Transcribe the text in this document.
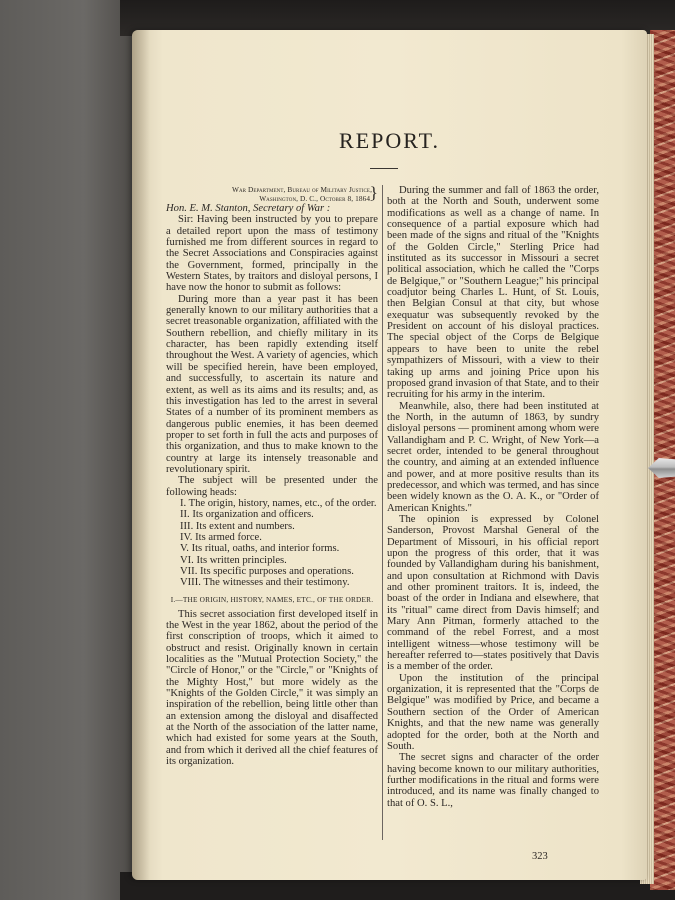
REPORT.
War Department, Bureau of Military Justice,
Washington, D. C., October 8, 1864.
}

Hon. E. M. Stanton, Secretary of War :

Sir: Having been instructed by you to prepare a detailed report upon the mass of testimony furnished me from different sources in regard to the Secret Associations and Conspiracies against the Government, formed, principally in the Western States, by traitors and disloyal persons, I have now the honor to submit as follows:

During more than a year past it has been generally known to our military authorities that a secret treasonable organization, affiliated with the Southern rebellion, and chiefly military in its character, has been rapidly extending itself throughout the West. A variety of agencies, which will be specified herein, have been employed, and successfully, to ascertain its nature and extent, as well as its aims and its results; and, as this investigation has led to the arrest in several States of a number of its prominent members as dangerous public enemies, it has been deemed proper to set forth in full the acts and purposes of this organization, and thus to make known to the country at large its intensely treasonable and revolutionary spirit.

The subject will be presented under the following heads:

I. The origin, history, names, etc., of the order.
II. Its organization and officers.
III. Its extent and numbers.
IV. Its armed force.
V. Its ritual, oaths, and interior forms.
VI. Its written principles.
VII. Its specific purposes and operations.
VIII. The witnesses and their testimony.
I.—THE ORIGIN, HISTORY, NAMES, ETC., OF THE ORDER.

This secret association first developed itself in the West in the year 1862, about the period of the first conscription of troops, which it aimed to obstruct and resist. Originally known in certain localities as the "Mutual Protection Society," the "Circle of Honor," or the "Circle," or "Knights of the Mighty Host," but more widely as the "Knights of the Golden Circle," it was simply an inspiration of the rebellion, being little other than an extension among the disloyal and disaffected at the North of the association of the latter name, which had existed for some years at the South, and from which it derived all the chief features of its organization.

During the summer and fall of 1863 the order, both at the North and South, underwent some modifications as well as a change of name. In consequence of a partial exposure which had been made of the signs and ritual of the "Knights of the Golden Circle," Sterling Price had instituted as its successor in Missouri a secret political association, which he called the "Corps de Belgique," or "Southern League;" his principal coadjutor being Charles L. Hunt, of St. Louis, then Belgian Consul at that city, but whose exequatur was subsequently revoked by the President on account of his disloyal practices. The special object of the Corps de Belgique appears to have been to unite the rebel sympathizers of Missouri, with a view to their taking up arms and joining Price upon his proposed grand invasion of that State, and to their recruiting for his army in the interim.

Meanwhile, also, there had been instituted at the North, in the autumn of 1863, by sundry disloyal persons — prominent among whom were Vallandigham and P. C. Wright, of New York—a secret order, intended to be general throughout the country, and aiming at an extended influence and power, and at more positive results than its predecessor, and which was termed, and has since been widely known as the O. A. K., or "Order of American Knights."

The opinion is expressed by Colonel Sanderson, Provost Marshal General of the Department of Missouri, in his official report upon the progress of this order, that it was founded by Vallandigham during his banishment, and upon consultation at Richmond with Davis and other prominent traitors. It is, indeed, the boast of the order in Indiana and elsewhere, that its "ritual" came direct from Davis himself; and Mary Ann Pitman, formerly attached to the command of the rebel Forrest, and a most intelligent witness—whose testimony will be hereafter referred to—states positively that Davis is a member of the order.

Upon the institution of the principal organization, it is represented that the "Corps de Belgique" was modified by Price, and became a Southern section of the Order of American Knights, and that the new name was generally adopted for the order, both at the North and South.

The secret signs and character of the order having become known to our military authorities, further modifications in the ritual and forms were introduced, and its name was finally changed to that of O. S. L.,

323
